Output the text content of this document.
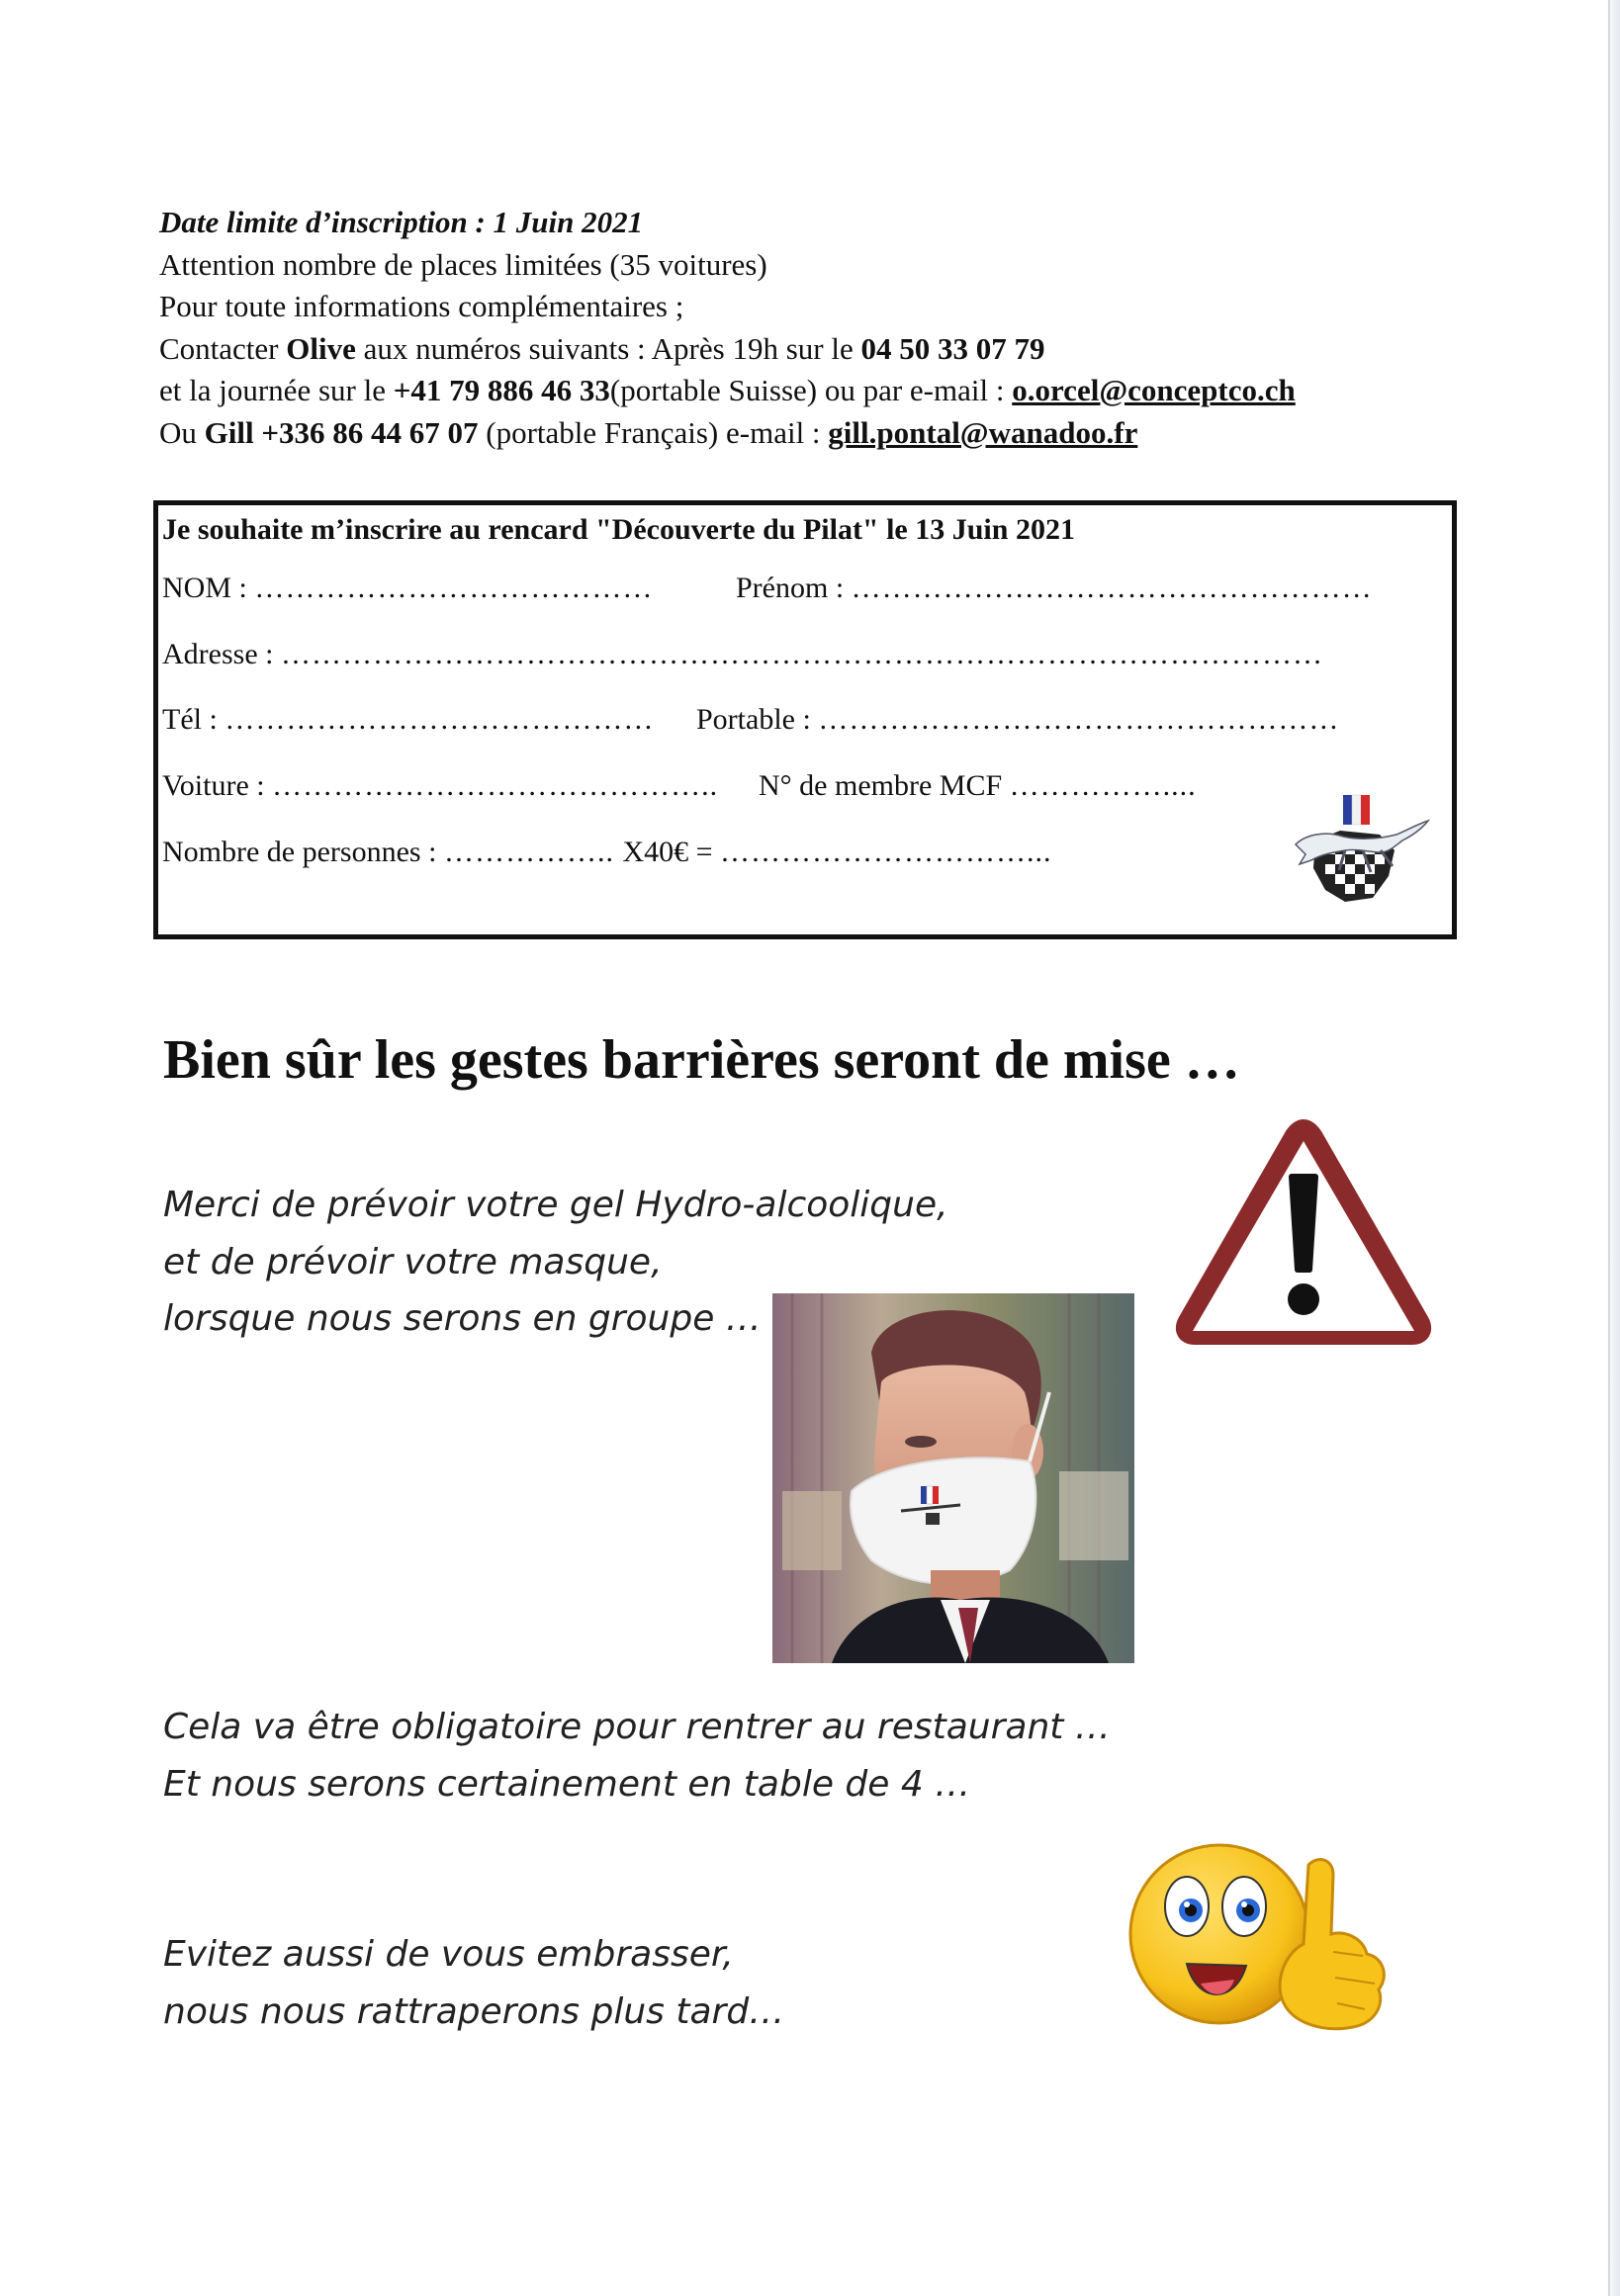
Date limite d’inscription : 1 Juin 2021
Attention nombre de places limitées (35 voitures)
Pour toute informations complémentaires ;
Contacter Olive aux numéros suivants : Après 19h sur le 04 50 33 07 79
et la journée sur le +41 79 886 46 33(portable Suisse) ou par e-mail : o.orcel@conceptco.ch
Ou Gill +336 86 44 67 07 (portable Français) e-mail : gill.pontal@wanadoo.fr
Je souhaite m’inscrire au rencard "Découverte du Pilat" le 13 Juin 2021
NOM : …………………………………	Prénom : ……………………………………………
Adresse : …………………………………………………………………………………………
Tél : …………………………………… Portable : ……………………………………………
Voiture : …………………………………….. N° de membre MCF ……………....
Nombre de personnes : …………….. X40€ = …………………………...
Bien sûr les gestes barrières seront de mise …
Merci de prévoir votre gel Hydro-alcoolique,
et de prévoir votre masque,
lorsque nous serons en groupe …
Cela va être obligatoire pour rentrer au restaurant …
Et nous serons certainement en table de 4 …
Evitez aussi de vous embrasser,
nous nous rattraperons plus tard…
